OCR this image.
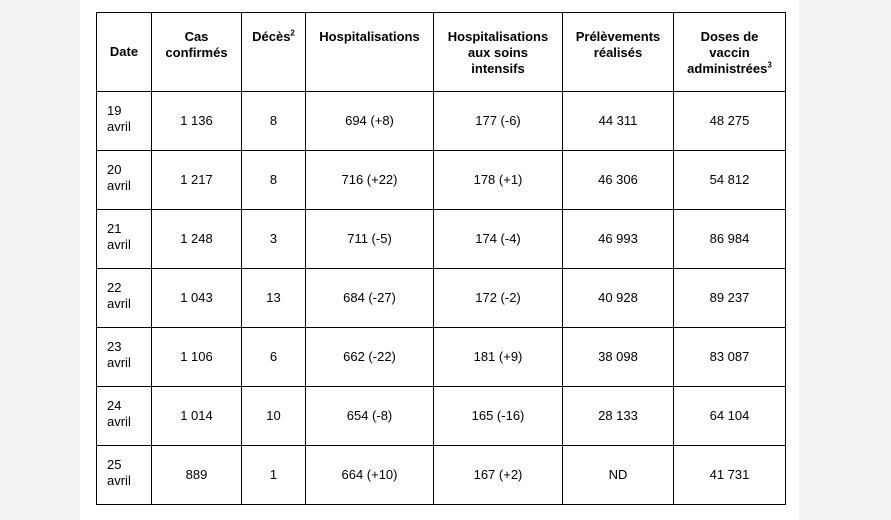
Date	Cas confirmés	Décès$^2$	Hospitalisations	Hospitalisations aux soins intensifs	Prélèvements réalisés	Doses de vaccin administrées$^3$

19
avril	1 136	8	694 (+8)	177 (-6)	44 311	48 275

20
avril	1 217	8	716 (+22)	178 (+1)	46 306	54 812

21
avril	1 248	3	711 (-5)	174 (-4)	46 993	86 984

22
avril	1 043	13	684 (-27)	172 (-2)	40 928	89 237

23
avril	1 106	6	662 (-22)	181 (+9)	38 098	83 087

24
avril	1 014	10	654 (-8)	165 (-16)	28 133	64 104

25
avril	889	1	664 (+10)	167 (+2)	ND	41 731
